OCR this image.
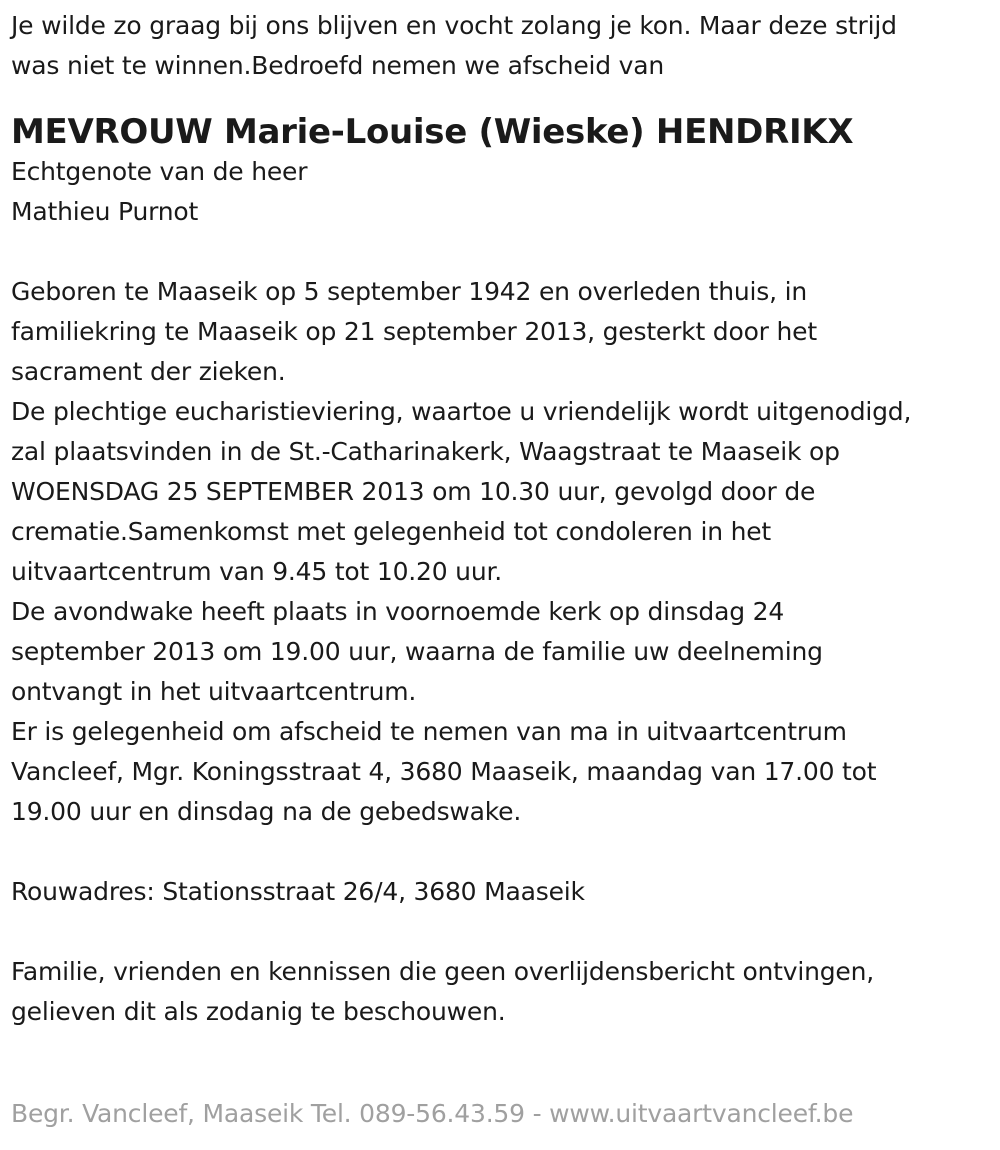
Je wilde zo graag bij ons blijven en vocht zolang je kon. Maar deze strijd
was niet te winnen.Bedroefd nemen we afscheid van
MEVROUW Marie-Louise (Wieske) HENDRIKX
Echtgenote van de heer
Mathieu Purnot
Geboren te Maaseik op 5 september 1942 en overleden thuis, in
familiekring te Maaseik op 21 september 2013, gesterkt door het
sacrament der zieken.
De plechtige eucharistieviering, waartoe u vriendelijk wordt uitgenodigd,
zal plaatsvinden in de St.-Catharinakerk, Waagstraat te Maaseik op
WOENSDAG 25 SEPTEMBER 2013 om 10.30 uur, gevolgd door de
crematie.Samenkomst met gelegenheid tot condoleren in het
uitvaartcentrum van 9.45 tot 10.20 uur.
De avondwake heeft plaats in voornoemde kerk op dinsdag 24
september 2013 om 19.00 uur, waarna de familie uw deelneming
ontvangt in het uitvaartcentrum.
Er is gelegenheid om afscheid te nemen van ma in uitvaartcentrum
Vancleef, Mgr. Koningsstraat 4, 3680 Maaseik, maandag van 17.00 tot
19.00 uur en dinsdag na de gebedswake.
Rouwadres: Stationsstraat 26/4, 3680 Maaseik
Familie, vrienden en kennissen die geen overlijdensbericht ontvingen,
gelieven dit als zodanig te beschouwen.
Begr. Vancleef, Maaseik Tel. 089-56.43.59 - www.uitvaartvancleef.be
